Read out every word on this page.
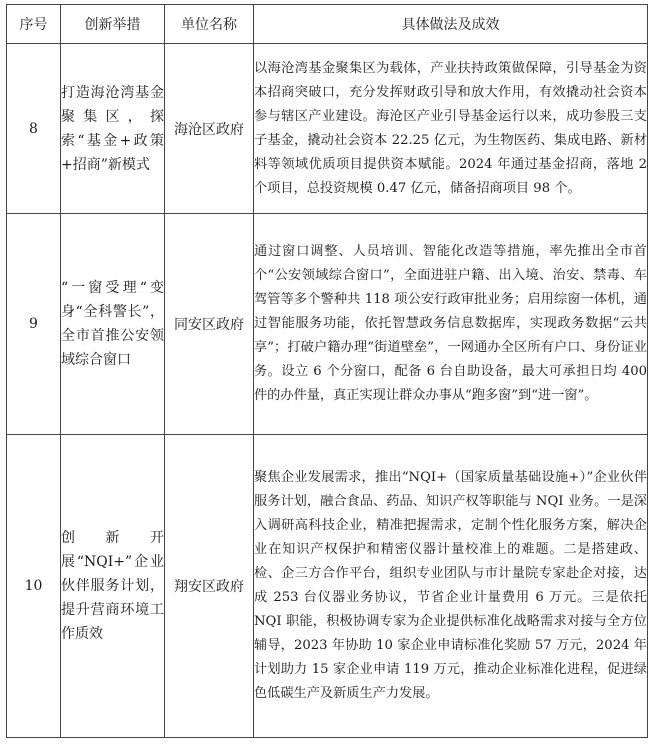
序号	创新举措	单位名称	具体做法及成效
8	打造海沧湾基金聚集区，探索“基金+政策+招商”新模式	海沧区政府	以海沧湾基金聚集区为载体，产业扶持政策做保障，引导基金为资本招商突破口，充分发挥财政引导和放大作用，有效撬动社会资本参与辖区产业建设。海沧区产业引导基金运行以来，成功参股三支子基金，撬动社会资本 22.25 亿元，为生物医药、集成电路、新材料等领域优质项目提供资本赋能。2024 年通过基金招商，落地 2 个项目，总投资规模 0.47 亿元，储备招商项目 98 个。

9	“一窗受理“变身“全科警长”，全市首推公安领域综合窗口	同安区政府	通过窗口调整、人员培训、智能化改造等措施，率先推出全市首个“公安领域综合窗口”，全面进驻户籍、出入境、治安、禁毒、车驾管等多个警种共 118 项公安行政审批业务；启用综窗一体机，通过智能服务功能，依托智慧政务信息数据库，实现政务数据“云共享”；打破户籍办理“街道壁垒”，一网通办全区所有户口、身份证业务。设立 6 个分窗口，配备 6 台自助设备，最大可承担日均 400 件的办件量，真正实现让群众办事从“跑多窗”到“进一窗”。

10	创新开展“NQI+”企业伙伴服务计划，提升营商环境工作质效	翔安区政府	聚焦企业发展需求，推出“NQI+（国家质量基础设施+）”企业伙伴服务计划，融合食品、药品、知识产权等职能与 NQI 业务。一是深入调研高科技企业，精准把握需求，定制个性化服务方案，解决企业在知识产权保护和精密仪器计量校准上的难题。二是搭建政、检、企三方合作平台，组织专业团队与市计量院专家赴企对接，达成 253 台仪器业务协议，节省企业计量费用 6 万元。三是依托 NQI 职能，积极协调专家为企业提供标准化战略需求对接与全方位辅导，2023 年协助 10 家企业申请标准化奖励 57 万元，2024 年计划助力 15 家企业申请 119 万元，推动企业标准化进程，促进绿色低碳生产及新质生产力发展。
